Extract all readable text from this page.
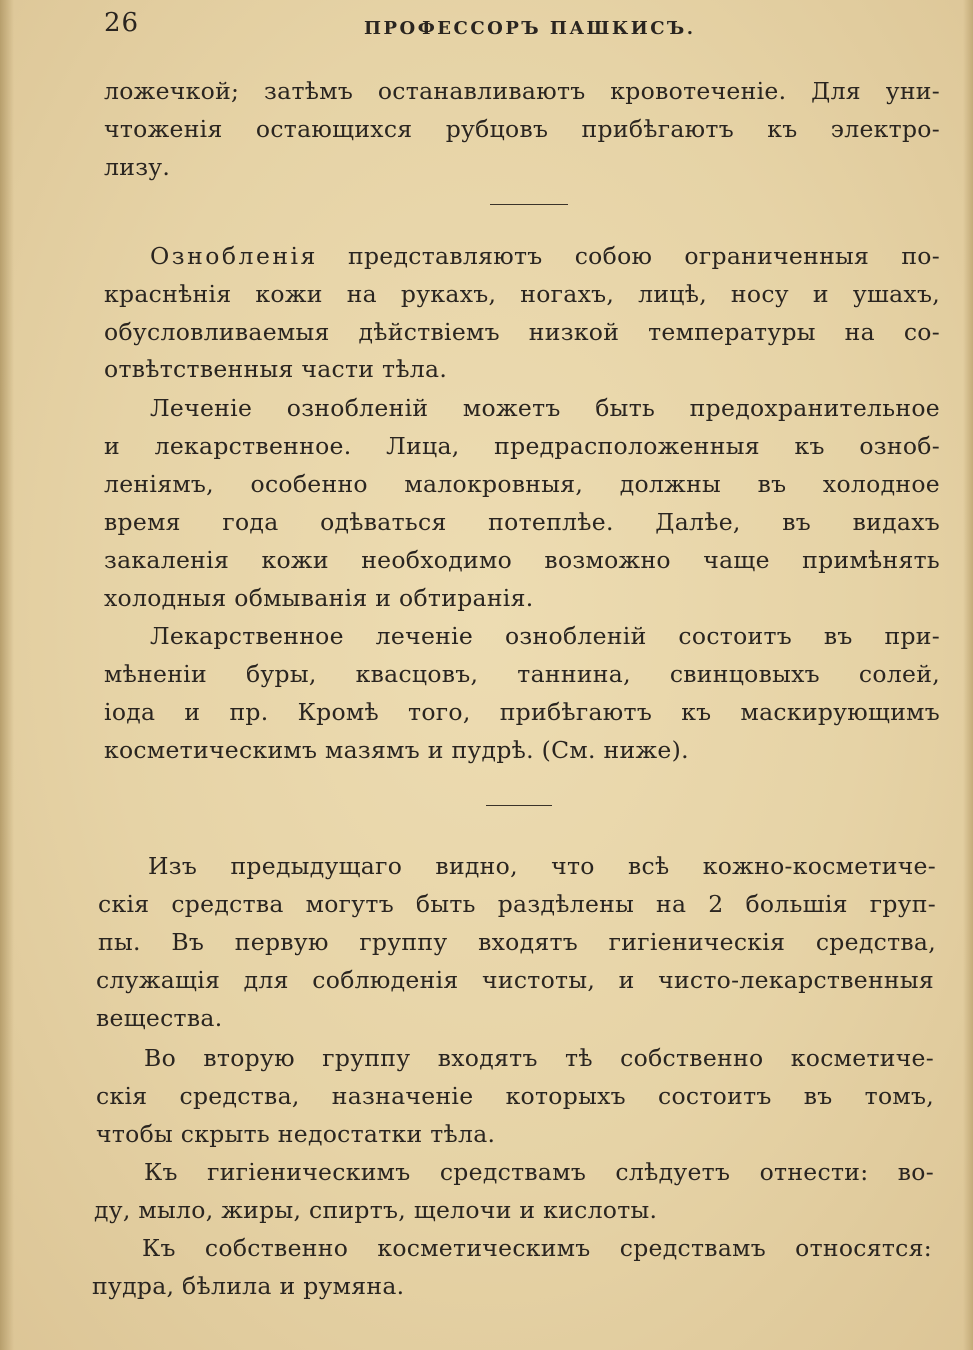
26	ПРОФЕССОРЪ ПАШКИСЪ.
ложечкой; затѣмъ останавливаютъ кровотеченіе. Для уни-
чтоженія остающихся рубцовъ прибѣгаютъ къ электро-
лизу.
Ознобленія	представляютъ собою ограниченныя по-
краснѣнія кожи на рукахъ, ногахъ, лицѣ, носу и ушахъ,
обусловливаемыя дѣйствіемъ низкой температуры на со-
отвѣтственныя части тѣла.
Леченіе ознобленій можетъ быть предохранительное
и лекарственное. Лица, предрасположенныя къ озноб-
леніямъ, особенно малокровныя, должны въ холодное
время года одѣваться потеплѣе. Далѣе, въ видахъ
закаленія кожи необходимо возможно чаще примѣнять
холодныя обмыванія и обтиранія.
Лекарственное леченіе ознобленій состоитъ въ при-
мѣненіи буры, квасцовъ, таннина, свинцовыхъ солей,
іода и пр. Кромѣ того, прибѣгаютъ къ маскирующимъ
косметическимъ мазямъ и пудрѣ. (См. ниже).
Изъ предыдущаго видно, что всѣ кожно-косметиче-
скія средства могутъ быть раздѣлены на 2 большія груп-
пы. Въ первую группу входятъ гигіеническія средства,
служащія для соблюденія чистоты, и чисто-лекарственныя
вещества.
Во вторую группу входятъ тѣ собственно косметиче-
скія средства, назначеніе которыхъ состоитъ въ томъ,
чтобы скрыть недостатки тѣла.
Къ гигіеническимъ средствамъ слѣдуетъ отнести: во-
ду, мыло, жиры, спиртъ, щелочи и кислоты.
Къ собственно косметическимъ средствамъ относятся:
пудра, бѣлила и румяна.
